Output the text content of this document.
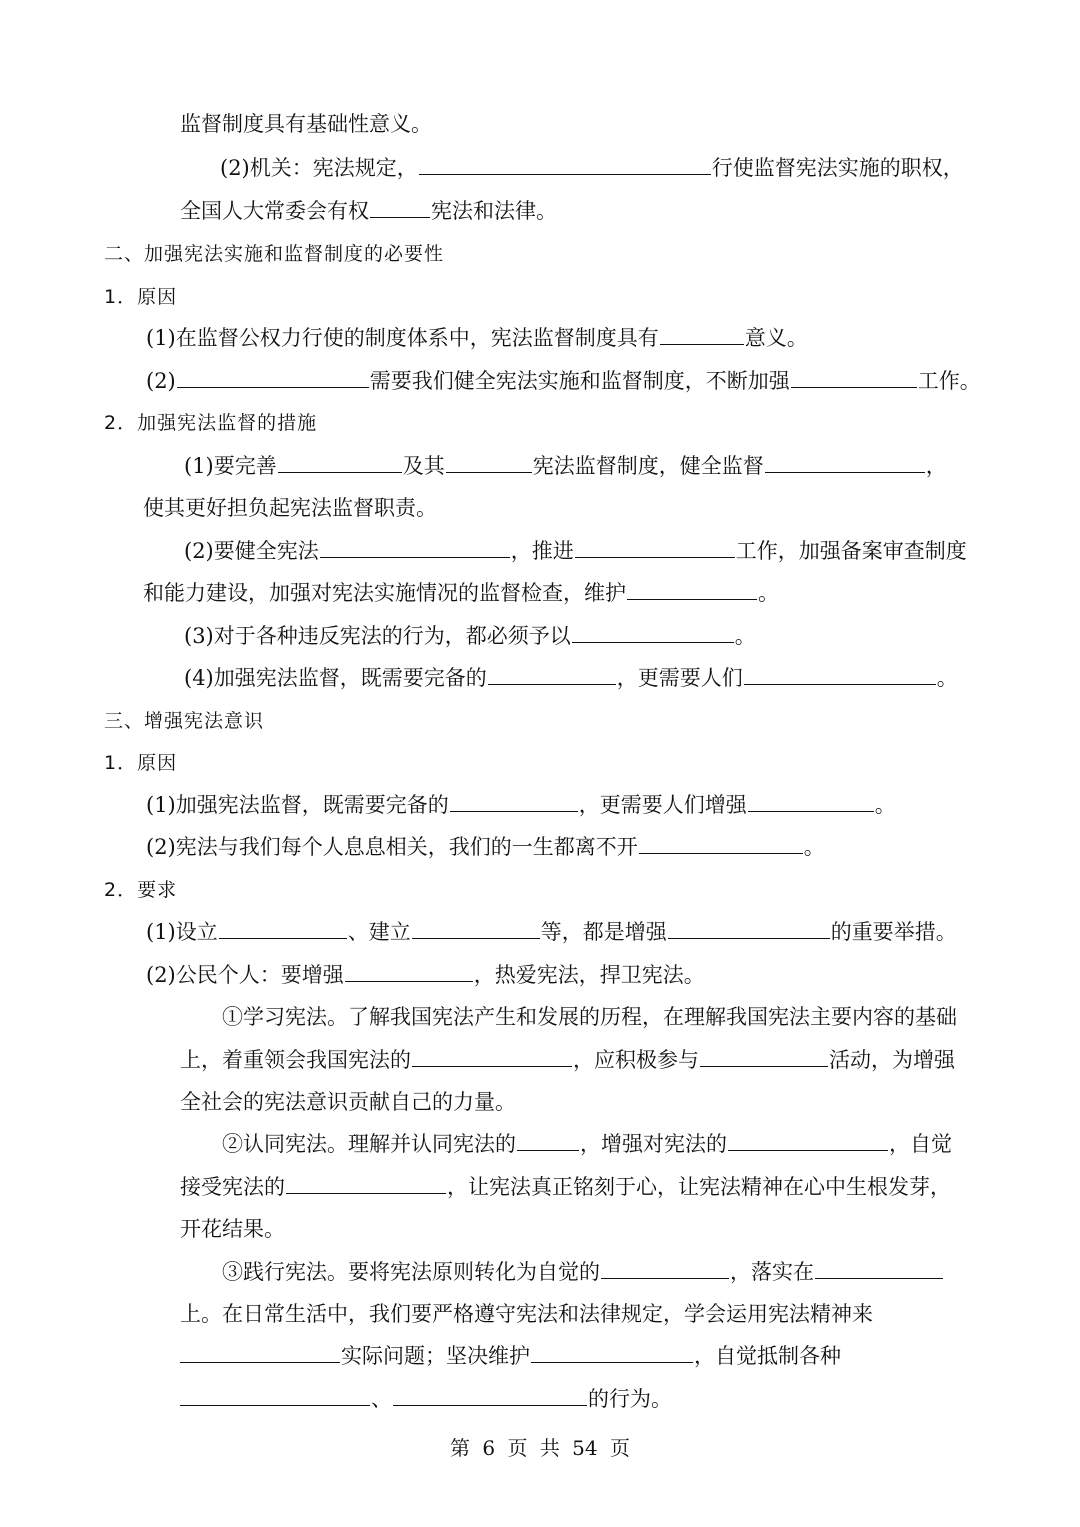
监督制度具有基础性意义。
(2)机关：宪法规定，	行使监督宪法实施的职权，
全国人大常委会有权	宪法和法律。
二、加强宪法实施和监督制度的必要性
1．原因
(1)在监督公权力行使的制度体系中，宪法监督制度具有	意义。
(2)	需要我们健全宪法实施和监督制度，不断加强	工作。
2．加强宪法监督的措施
(1)要完善	及其	宪法监督制度，健全监督	，
使其更好担负起宪法监督职责。
(2)要健全宪法	，推进	工作，加强备案审查制度
和能力建设，加强对宪法实施情况的监督检查，维护	。
(3)对于各种违反宪法的行为，都必须予以	。
(4)加强宪法监督，既需要完备的	，更需要人们	。
三、增强宪法意识
1．原因
(1)加强宪法监督，既需要完备的	，更需要人们增强	。
(2)宪法与我们每个人息息相关，我们的一生都离不开	。
2．要求
(1)设立	、建立	等，都是增强	的重要举措。
(2)公民个人：要增强	，热爱宪法，捍卫宪法。
①学习宪法。了解我国宪法产生和发展的历程，在理解我国宪法主要内容的基础
上，着重领会我国宪法的	，应积极参与	活动，为增强
全社会的宪法意识贡献自己的力量。
②认同宪法。理解并认同宪法的	，增强对宪法的	，自觉
接受宪法的	，让宪法真正铭刻于心，让宪法精神在心中生根发芽，
开花结果。
③践行宪法。要将宪法原则转化为自觉的	，落实在
上。在日常生活中，我们要严格遵守宪法和法律规定，学会运用宪法精神来
实际问题；坚决维护	，自觉抵制各种
、	的行为。
第 6 页 共 54 页
